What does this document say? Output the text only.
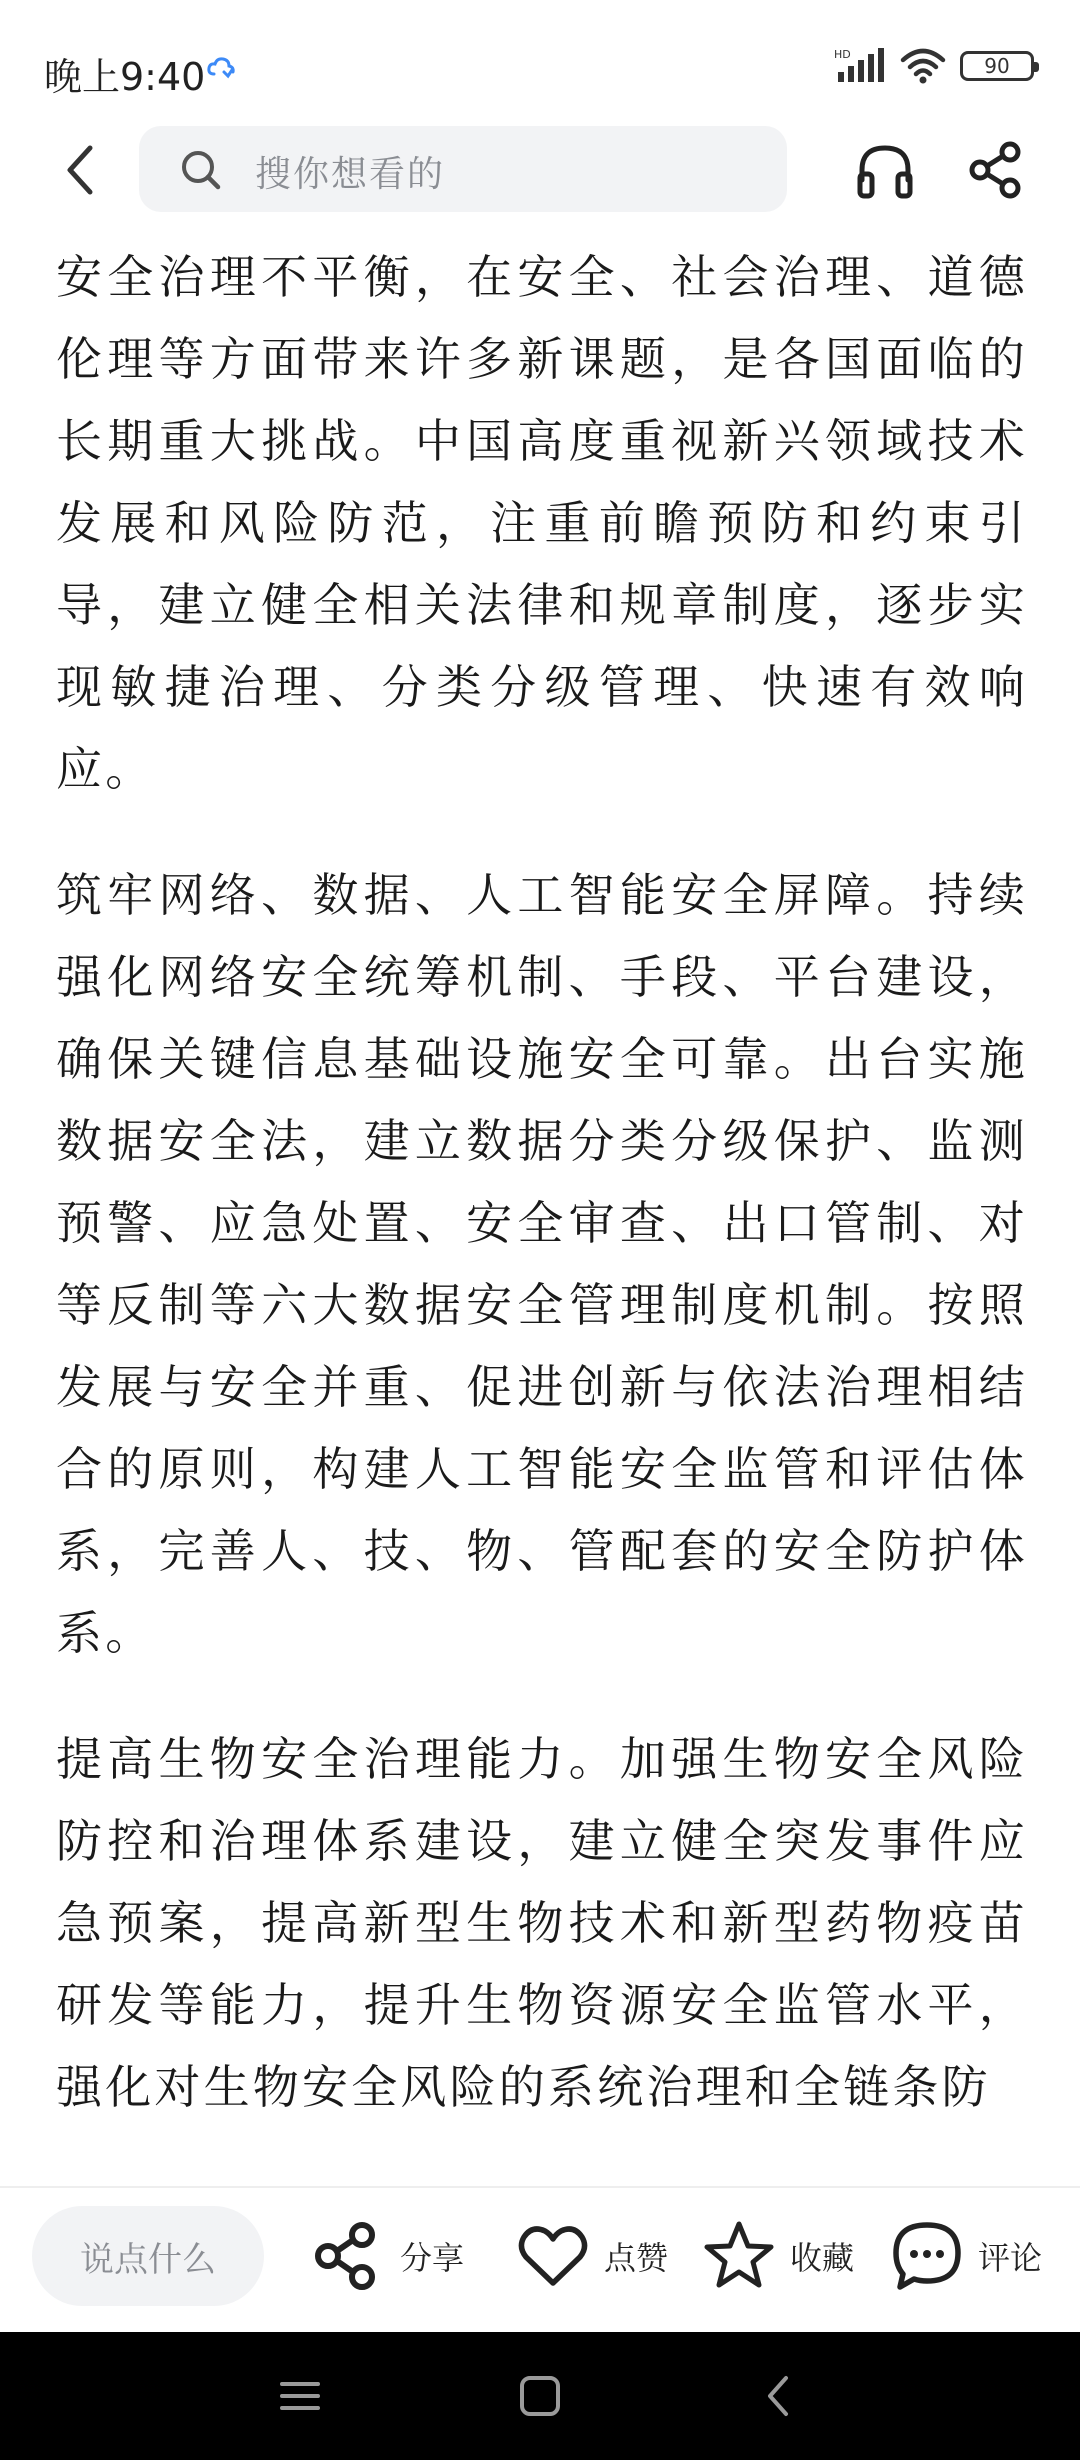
晚上9:40
HD	90
搜你想看的

安全治理不平衡，在安全、社会治理、道德伦理等方面带来许多新课题，是各国面临的长期重大挑战。中国高度重视新兴领域技术发展和风险防范，注重前瞻预防和约束引导，建立健全相关法律和规章制度，逐步实现敏捷治理、分类分级管理、快速有效响应。

筑牢网络、数据、人工智能安全屏障。持续强化网络安全统筹机制、手段、平台建设，确保关键信息基础设施安全可靠。出台实施数据安全法，建立数据分类分级保护、监测预警、应急处置、安全审查、出口管制、对等反制等六大数据安全管理制度机制。按照发展与安全并重、促进创新与依法治理相结合的原则，构建人工智能安全监管和评估体系，完善人、技、物、管配套的安全防护体系。

提高生物安全治理能力。加强生物安全风险防控和治理体系建设，建立健全突发事件应急预案，提高新型生物技术和新型药物疫苗研发等能力，提升生物资源安全监管水平，强化对生物安全风险的系统治理和全链条防

说点什么	分享	点赞	收藏	评论
